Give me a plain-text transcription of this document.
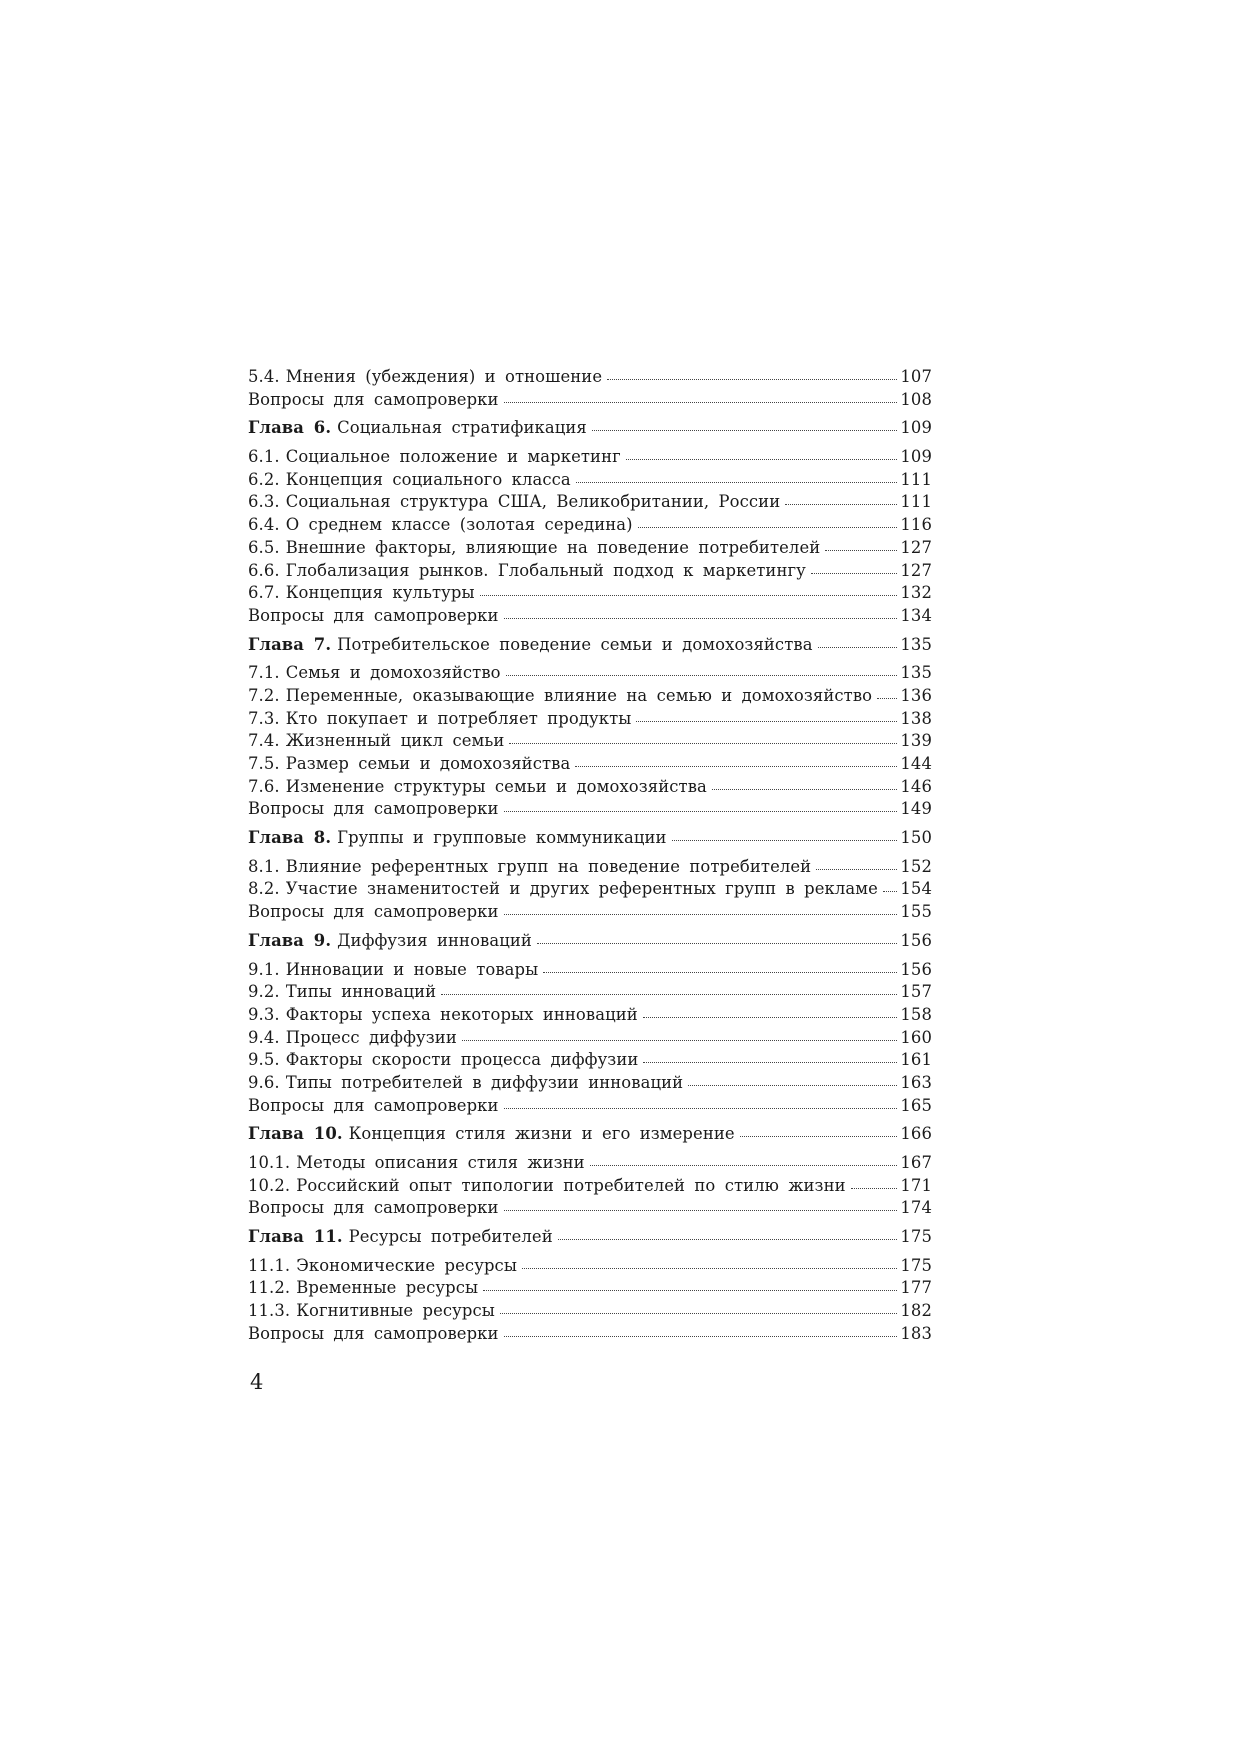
5.4. Мнения (убеждения) и отношение	107
Вопросы для самопроверки	108
Глава 6. Социальная стратификация	109
6.1. Социальное положение и маркетинг	109
6.2. Концепция социального класса	111
6.3. Социальная структура США, Великобритании, России	111
6.4. О среднем классе (золотая середина)	116
6.5. Внешние факторы, влияющие на поведение потребителей	127
6.6. Глобализация рынков. Глобальный подход к маркетингу	127
6.7. Концепция культуры	132
Вопросы для самопроверки	134
Глава 7. Потребительское поведение семьи и домохозяйства	135
7.1. Семья и домохозяйство	135
7.2. Переменные, оказывающие влияние на семью и домохозяйство 136
7.3. Кто покупает и потребляет продукты	138
7.4. Жизненный цикл семьи	139
7.5. Размер семьи и домохозяйства	144
7.6. Изменение структуры семьи и домохозяйства	146
Вопросы для самопроверки	149
Глава 8. Группы и групповые коммуникации	150
8.1. Влияние референтных групп на поведение потребителей	152
8.2. Участие знаменитостей и других референтных групп в рекламе 154
Вопросы для самопроверки	155
Глава 9. Диффузия инноваций	156
9.1. Инновации и новые товары	156
9.2. Типы инноваций	157
9.3. Факторы успеха некоторых инноваций	158
9.4. Процесс диффузии	160
9.5. Факторы скорости процесса диффузии	161
9.6. Типы потребителей в диффузии инноваций	163
Вопросы для самопроверки	165
Глава 10. Концепция стиля жизни и его измерение	166
10.1. Методы описания стиля жизни	167
10.2. Российский опыт типологии потребителей по стилю жизни	171
Вопросы для самопроверки	174
Глава 11. Ресурсы потребителей	175
11.1. Экономические ресурсы	175
11.2. Временные ресурсы	177
11.3. Когнитивные ресурсы	182
Вопросы для самопроверки	183
4
